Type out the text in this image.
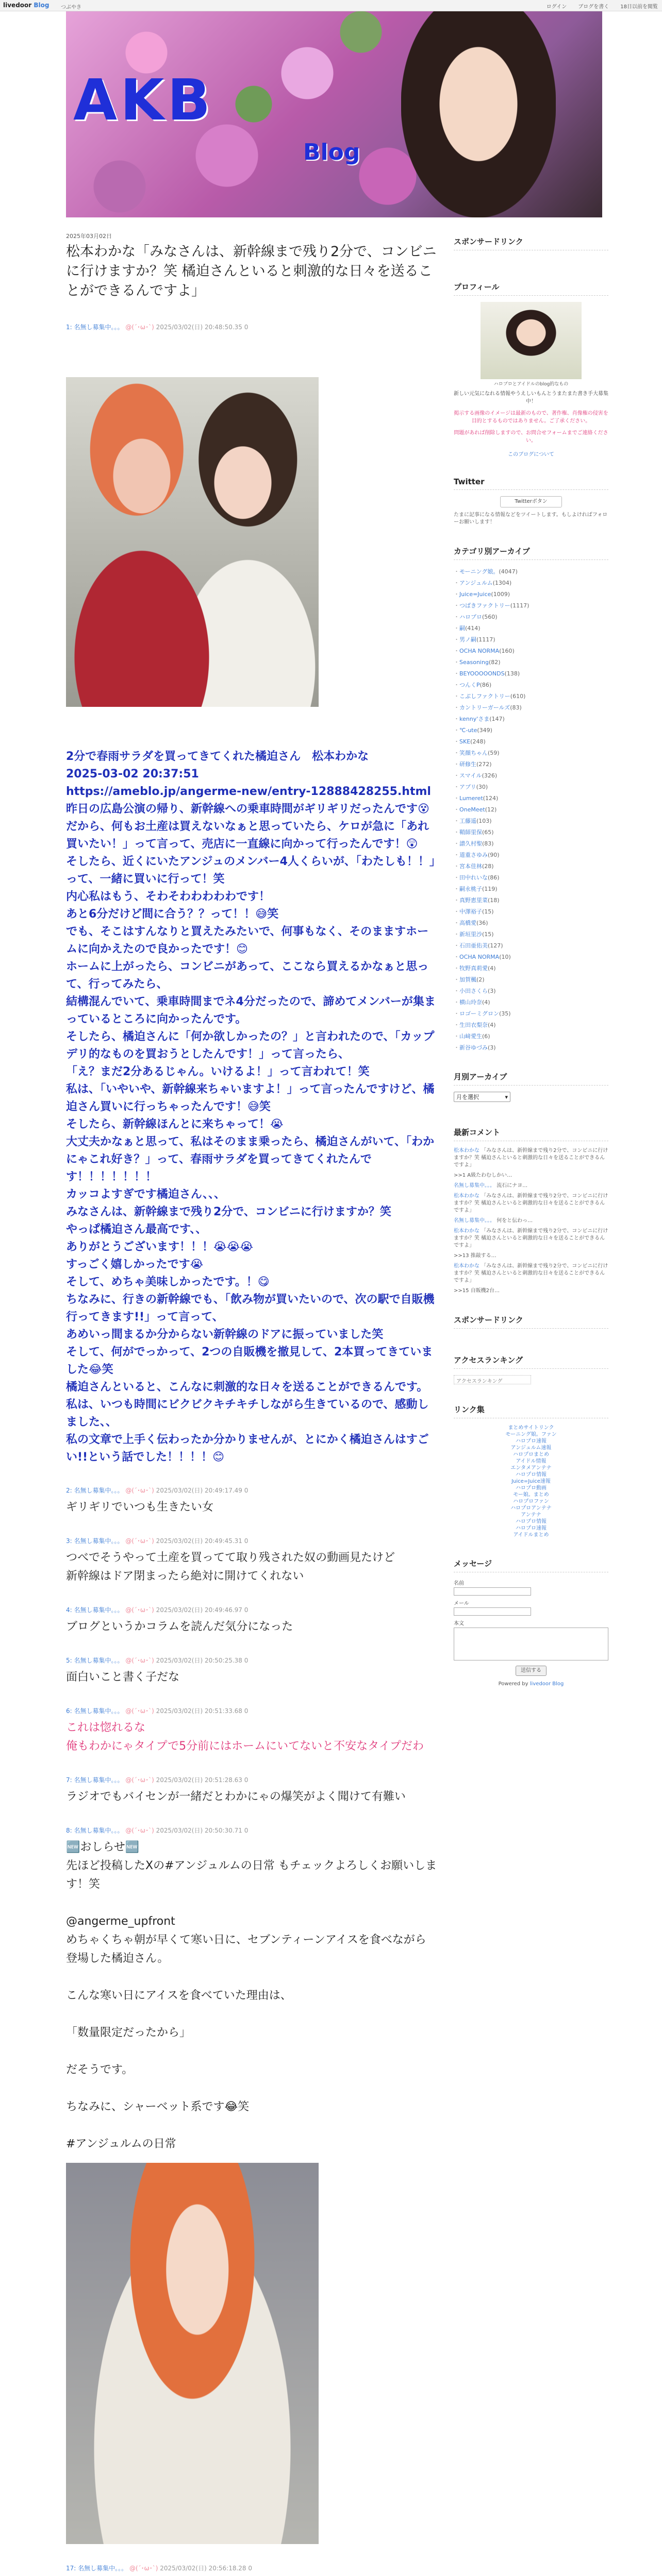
livedoor Blog つぶやき	ログイン ブログを書く 18日以前を閲覧
AKB
Blog
2025年03月02日
松本わかな「みなさんは、新幹線まで残り2分で、コンビニに行けますか？笑 橘迫さんといると刺激的な日々を送ることができるんですよ」
1: 名無し募集中。。。 @(´･ω･`) 2025/03/02(日) 20:48:50.35 0

2分で春雨サラダを買ってきてくれた橘迫さん　松本わかな

2025-03-02 20:37:51

https://ameblo.jp/angerme-new/entry-12888428255.html

昨日の広島公演の帰り、新幹線への乗車時間がギリギリだったんです😵

だから、何もお土産は買えないなぁと思っていたら、ケロが急に「あれ買いたい！」って言って、売店に一直線に向かって行ったんです！😲

そしたら、近くにいたアンジュのメンバー4人くらいが、「わたしも！！」って、一緒に買いに行って！笑

内心私はもう、そわそわわわわわです！

あと6分だけど間に合う？？って！！😅笑

でも、そこはすんなりと買えたみたいで、何事もなく、そのまますホームに向かえたので良かったです！😊

ホームに上がったら、コンビニがあって、ここなら買えるかなぁと思って、行ってみたら、

結構混んでいて、乗車時間までネ4分だったので、諦めてメンバーが集まっているところに向かったんです。

そしたら、橘迫さんに「何か欲しかったの？」と言われたので、「カップデリ的なものを買おうとしたんです！」って言ったら、

「え？まだ2分あるじゃん。いけるよ！」って言われて！笑

私は、「いやいや、新幹線来ちゃいますよ！」って言ったんですけど、橘迫さん買いに行っちゃったんです！😅笑

そしたら、新幹線ほんとに来ちゃって！😭

大丈夫かなぁと思って、私はそのまま乗ったら、橘迫さんがいて、「わかにゃこれ好き？」って、春雨サラダを買ってきてくれたんです！！！！！！！

カッコよすぎです橘迫さん、、、

みなさんは、新幹線まで残り2分で、コンビニに行けますか？笑

やっぱ橘迫さん最高です、、

ありがとうございます！！！😭😭😭

すっごく嬉しかったです😭

そして、めちゃ美味しかったです。！😋

ちなみに、行きの新幹線でも、「飲み物が買いたいので、次の駅で自販機行ってきます!!」って言って、

あめいっ間まるか分からない新幹線のドアに振っていました笑

そして、何がでっかって、2つの自販機を撤見して、2本買ってきていました😂笑

橘迫さんといると、こんなに刺激的な日々を送ることができるんです。

私は、いつも時間にビクビクキチキチしながら生きているので、感動しました、、

私の文章で上手く伝わったか分かりませんが、とにかく橘迫さんはすごい!!という話でした！！！！😊

2: 名無し募集中。。。 @(´･ω･`) 2025/03/02(日) 20:49:17.49 0
ギリギリでいつも生きたい女
3: 名無し募集中。。。 @(´･ω･`) 2025/03/02(日) 20:49:45.31 0
つべでそうやって土産を買ってて取り残された奴の動画見たけど
新幹線はドア閉まったら絶対に開けてくれない
4: 名無し募集中。。。 @(´･ω･`) 2025/03/02(日) 20:49:46.97 0
ブログというかコラムを読んだ気分になった
5: 名無し募集中。。。 @(´･ω･`) 2025/03/02(日) 20:50:25.38 0
面白いこと書く子だな
6: 名無し募集中。。。 @(´･ω･`) 2025/03/02(日) 20:51:33.68 0
これは惚れるな
俺もわかにゃタイプで5分前にはホームにいてないと不安なタイプだわ
7: 名無し募集中。。。 @(´･ω･`) 2025/03/02(日) 20:51:28.63 0
ラジオでもバイセンが一緒だとわかにゃの爆笑がよく聞けて有難い
8: 名無し募集中。。。 @(´･ω･`) 2025/03/02(日) 20:50:30.71 0
🆕おしらせ🆕
先ほど投稿したXの#アンジュルムの日常 もチェックよろしくお願いします！笑
@angerme_upfront
めちゃくちゃ朝が早くて寒い日に、セブンティーンアイスを食べながら登場した橘迫さん。
こんな寒い日にアイスを食べていた理由は、
「数量限定だったから」
だそうです。
ちなみに、シャーベット系です😂笑
#アンジュルムの日常
17: 名無し募集中。。。 @(´･ω･`) 2025/03/02(日) 20:56:18.28 0
スポンサードリンク
プロフィール
ハロプロとアイドルのblog的なもの
新しい元気になれる情報やうえしいもんとうまたまた書き手大募集中！
掲示する画像のイメージは最新のもので、著作権、肖像権の侵害を目的とするものではありません。ご了承ください。
問題があれば削除しますので、お問合せフォームまでご連絡ください。
このブログについて
Twitter
Twitterボタン
たまに記事になる情報などをツイートします。もしよければフォローお願いします！
カテゴリ別アーカイブ
・ モーニング娘。(4047)
・ アンジュルム(1304)
・ Juice=Juice(1009)
・ つばきファクトリー(1117)
・ ハロプロ(560)
・ 嗣(414)
・ 男ノ嗣(1117)
・ OCHA NORMA(160)
・ Seasoning(82)
・ BEYOOOOONDS(138)
・ つんくP(86)
・ こぶしファクトリー(610)
・ カントリーガールズ(83)
・ kenny'さま(147)
・ ℃-ute(349)
・ SKE(248)
・ 笑顔ちゃん(59)
・ 研修生(272)
・ スマイル(326)
・ アプリ(30)
・ Lumeret(124)
・ OneMeet(12)
・ 工藤遥(103)
・ 鞘師里保(65)
・ 譜久村聖(83)
・ 道重さゆみ(90)
・ 宮本佳林(28)
・ 田中れいな(86)
・ 嗣永桃子(119)
・ 真野恵里菜(18)
・ 中澤裕子(15)
・ 高橋愛(36)
・ 新垣里沙(15)
・ 石田亜佑美(127)
・ OCHA NORMA(10)
・ 牧野真莉愛(4)
・ 加賀楓(2)
・ 小田さくら(3)
・ 横山玲奈(4)
・ ロゴーミグロン(35)
・ 生田衣梨奈(4)
・ 山﨑愛生(6)
・ 新谷ゆづみ(3)
月別アーカイブ
月を選択	▾
最新コメント
松本わかな 「みなさんは、新幹線まで残り2分で、コンビニに行けますか？笑 橘迫さんといると刺激的な日々を送ることができるんですよ」
>>1 A級たわむしかい…
名無し募集中。。。 流石にナヨ…
松本わかな 「みなさんは、新幹線まで残り2分で、コンビニに行けますか？笑 橘迫さんといると刺激的な日々を送ることができるんですよ」
名無し募集中。。。 何をと伝わっ…
松本わかな 「みなさんは、新幹線まで残り2分で、コンビニに行けますか？笑 橘迫さんといると刺激的な日々を送ることができるんですよ」
>>13 推敲する…
松本わかな 「みなさんは、新幹線まで残り2分で、コンビニに行けますか？笑 橘迫さんといると刺激的な日々を送ることができるんですよ」
>>15 自販機2台…
スポンサードリンク
アクセスランキング
アクセスランキング
リンク集
まとめサイトリンク
モーニング娘。ファン
ハロプロ速報
アンジュルム速報
ハロプロまとめ
アイドル情報
エンタメアンテナ
ハロプロ情報
Juice=Juice速報
ハロプロ動画
モー娘。まとめ
ハロプロファン
ハロプロアンテナ
アンテナ
ハロプロ情報
ハロプロ速報
アイドルまとめ
メッセージ
名前
メール
本文
送信する
Powered by livedoor Blog
